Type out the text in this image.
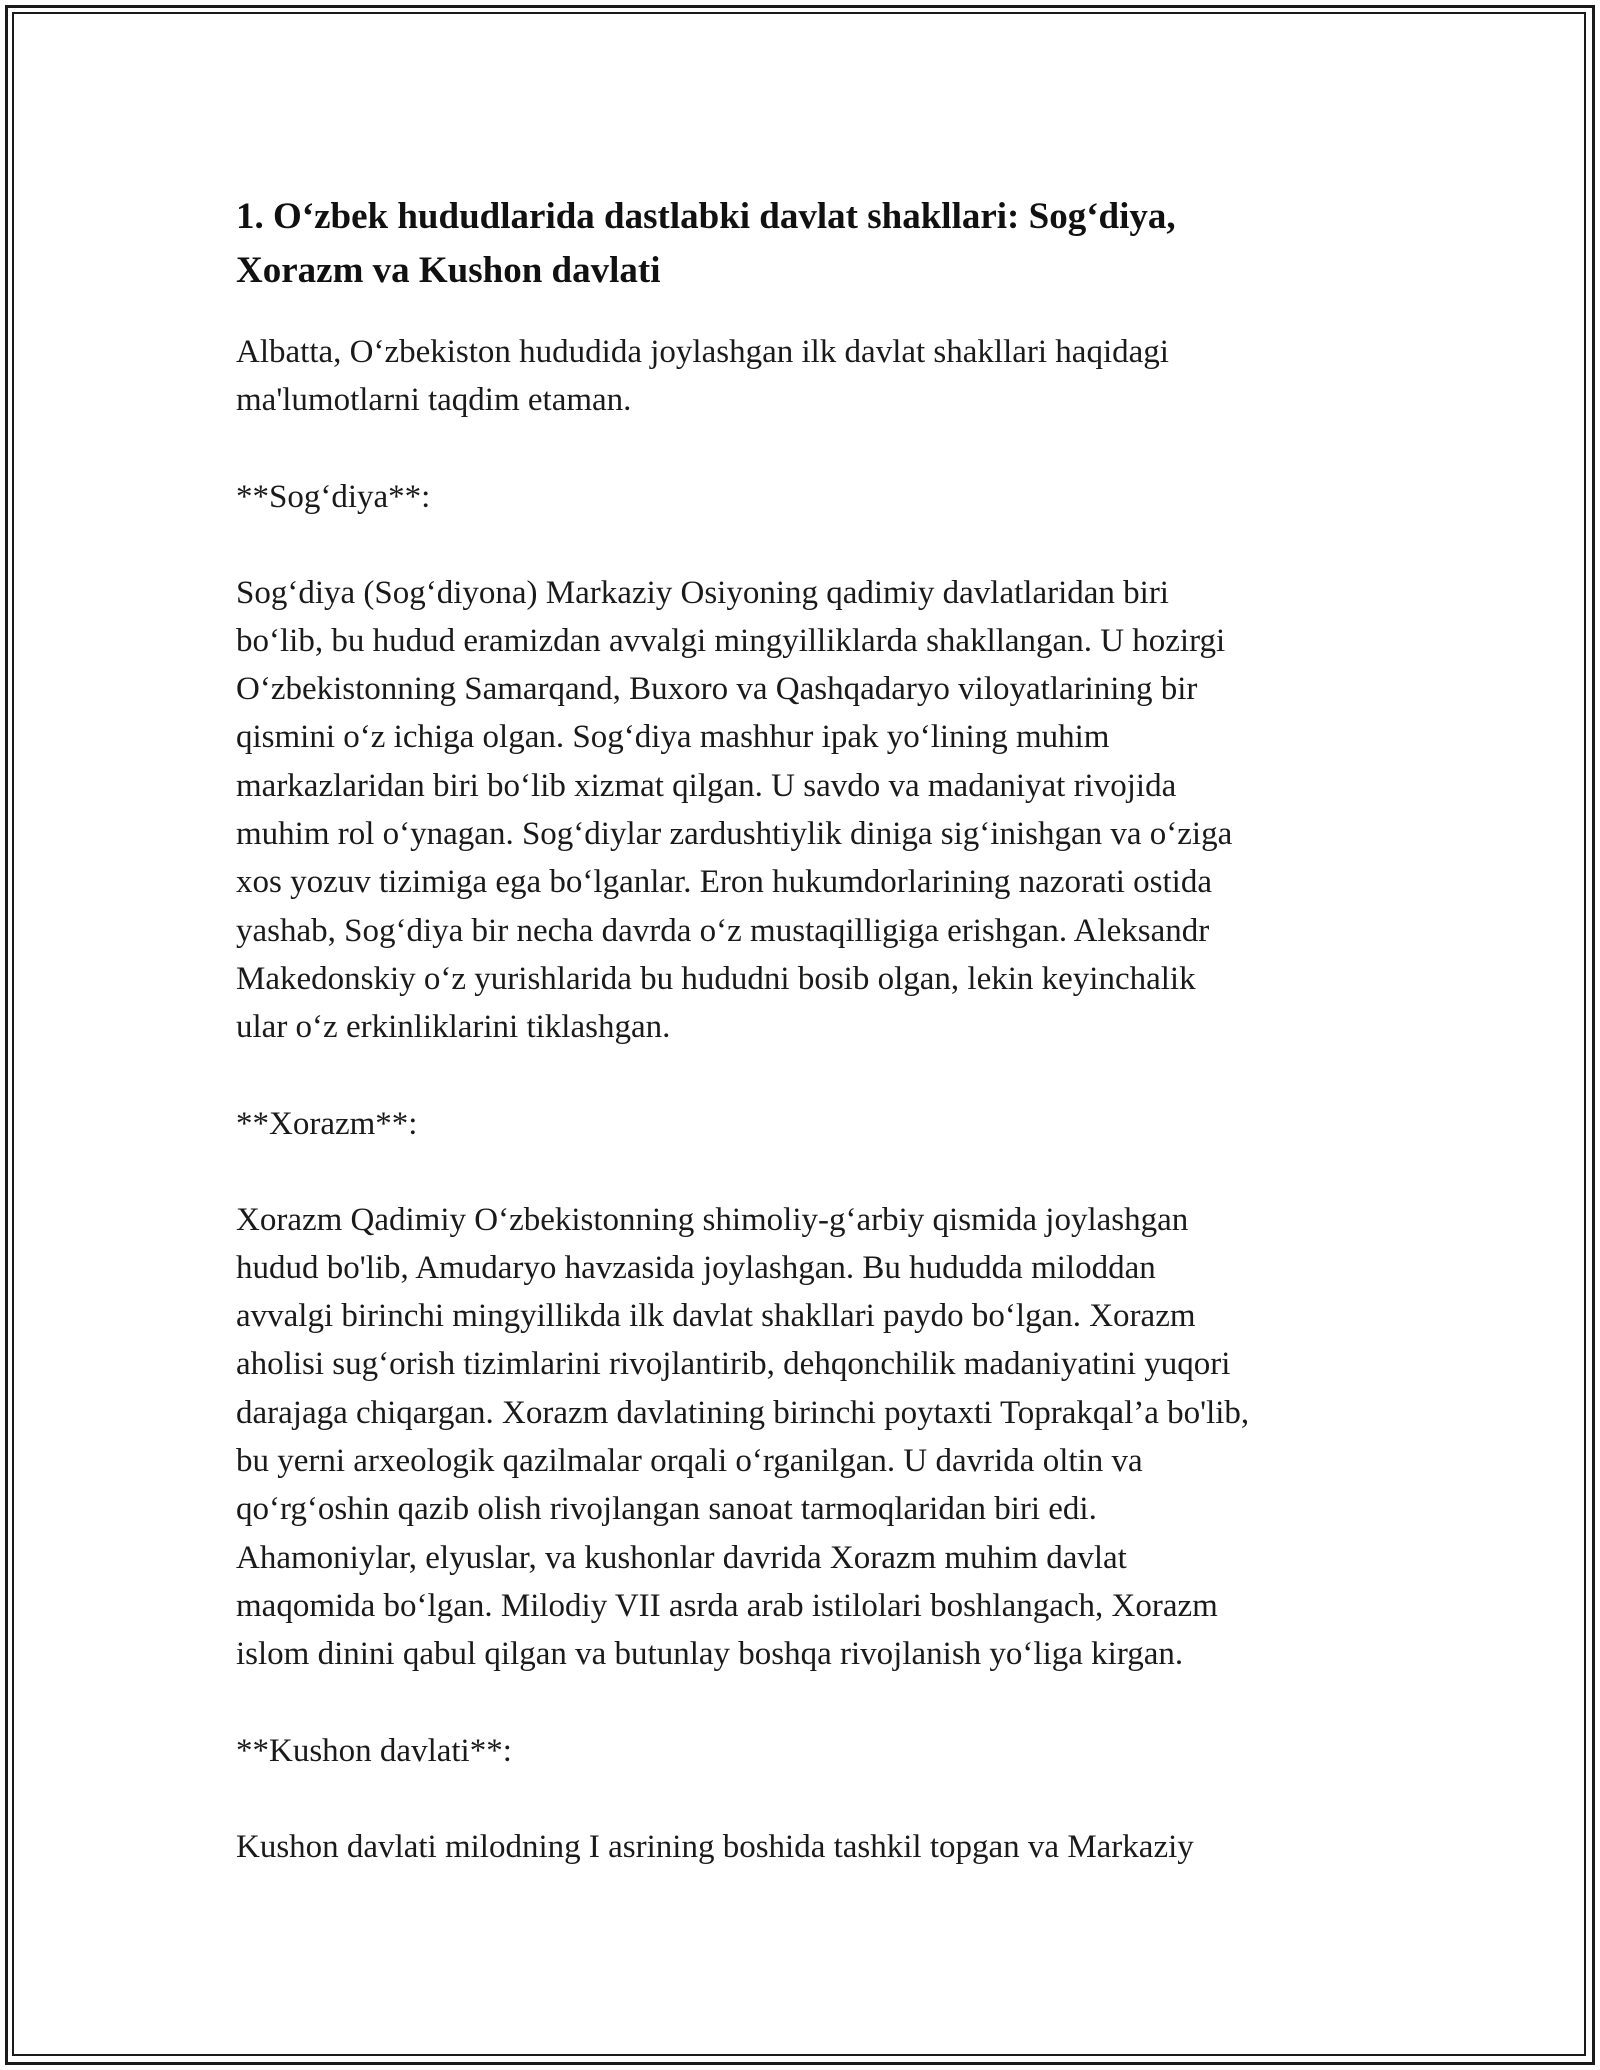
1. O‘zbek hududlarida dastlabki davlat shakllari: Sog‘diya,
Xorazm va Kushon davlati
Albatta, O‘zbekiston hududida joylashgan ilk davlat shakllari haqidagi
ma'lumotlarni taqdim etaman.
**Sog‘diya**:
Sog‘diya (Sog‘diyona) Markaziy Osiyoning qadimiy davlatlaridan biri
bo‘lib, bu hudud eramizdan avvalgi mingyilliklarda shakllangan. U hozirgi
O‘zbekistonning Samarqand, Buxoro va Qashqadaryo viloyatlarining bir
qismini o‘z ichiga olgan. Sog‘diya mashhur ipak yo‘lining muhim
markazlaridan biri bo‘lib xizmat qilgan. U savdo va madaniyat rivojida
muhim rol o‘ynagan. Sog‘diylar zardushtiylik diniga sig‘inishgan va o‘ziga
xos yozuv tizimiga ega bo‘lganlar. Eron hukumdorlarining nazorati ostida
yashab, Sog‘diya bir necha davrda o‘z mustaqilligiga erishgan. Aleksandr
Makedonskiy o‘z yurishlarida bu hududni bosib olgan, lekin keyinchalik
ular o‘z erkinliklarini tiklashgan.
**Xorazm**:
Xorazm Qadimiy O‘zbekistonning shimoliy-g‘arbiy qismida joylashgan
hudud bo'lib, Amudaryo havzasida joylashgan. Bu hududda miloddan
avvalgi birinchi mingyillikda ilk davlat shakllari paydo bo‘lgan. Xorazm
aholisi sug‘orish tizimlarini rivojlantirib, dehqonchilik madaniyatini yuqori
darajaga chiqargan. Xorazm davlatining birinchi poytaxti Toprakqal’a bo'lib,
bu yerni arxeologik qazilmalar orqali o‘rganilgan. U davrida oltin va
qo‘rg‘oshin qazib olish rivojlangan sanoat tarmoqlaridan biri edi.
Ahamoniylar, elyuslar, va kushonlar davrida Xorazm muhim davlat
maqomida bo‘lgan. Milodiy VII asrda arab istilolari boshlangach, Xorazm
islom dinini qabul qilgan va butunlay boshqa rivojlanish yo‘liga kirgan.
**Kushon davlati**:
Kushon davlati milodning I asrining boshida tashkil topgan va Markaziy
